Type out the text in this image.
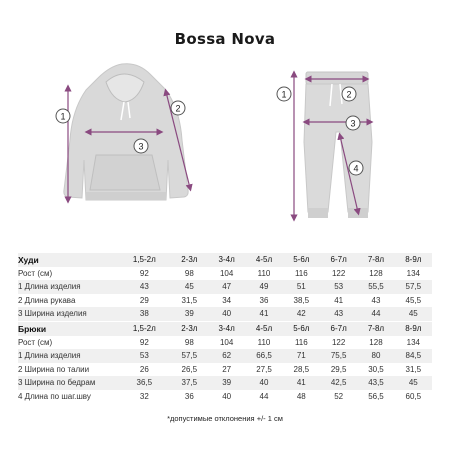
Bossa Nova
1
2
3
2
1
3
4
Худи	1,5-2л	2-3л	3-4л	4-5л	5-6л	6-7л	7-8л	8-9л
Рост (см)	92	98	104	110	116	122	128	134
1 Длина изделия	43	45	47	49	51	53	55,5	57,5
2 Длина рукава	29	31,5	34	36	38,5	41	43	45,5
3 Ширина изделия	38	39	40	41	42	43	44	45
Брюки	1,5-2л	2-3л	3-4л	4-5л	5-6л	6-7л	7-8л	8-9л
Рост (см)	92	98	104	110	116	122	128	134
1 Длина изделия	53	57,5	62	66,5	71	75,5	80	84,5
2 Ширина по талии	26	26,5	27	27,5	28,5	29,5	30,5	31,5
3 Ширина по бедрам	36,5	37,5	39	40	41	42,5	43,5	45
4 Длина по шаг.шву	32	36	40	44	48	52	56,5	60,5
*допустимые отклонения +/- 1 см
